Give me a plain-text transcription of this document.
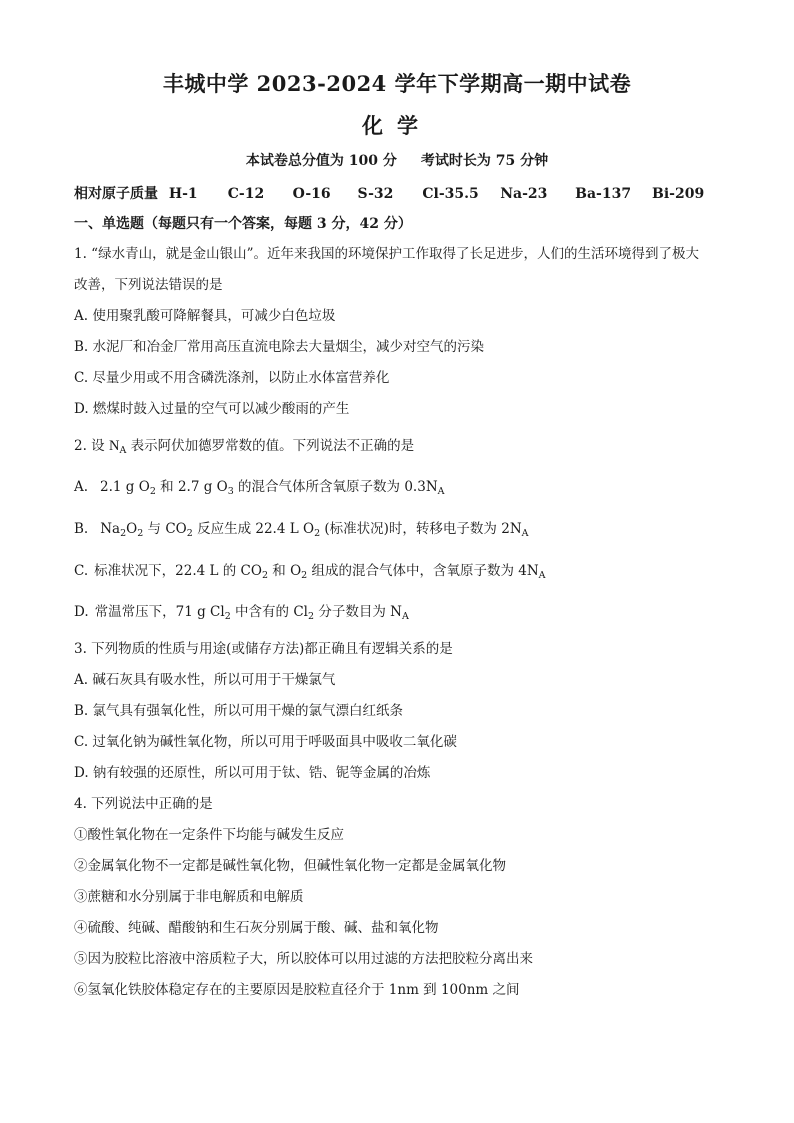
丰城中学 2023-2024 学年下学期高一期中试卷
化学
本试卷总分值为 100 分 考试时长为 75 分钟
相对原子质量 H-1 C-12 O-16 S-32 Cl-35.5 Na-23 Ba-137 Bi-209
一、单选题（每题只有一个答案，每题 3 分，42 分）
1. “绿水青山，就是金山银山”。近年来我国的环境保护工作取得了长足进步，人们的生活环境得到了极大
改善，下列说法错误的是
A. 使用聚乳酸可降解餐具，可减少白色垃圾
B. 水泥厂和冶金厂常用高压直流电除去大量烟尘，减少对空气的污染
C. 尽量少用或不用含磷洗涤剂，以防止水体富营养化
D. 燃煤时鼓入过量的空气可以减少酸雨的产生
2. 设 $N_A$ 表示阿伏加德罗常数的值。下列说法不正确的是
A. 2.1 g $O_2$ 和 2.7 g $O_3$ 的混合气体所含氧原子数为 $0.3N_A$
B. $Na_2O_2$ 与 $CO_2$ 反应生成 22.4 L $O_2$ (标准状况)时，转移电子数为 $2N_A$
C. 标准状况下，22.4 L 的 $CO_2$ 和 $O_2$ 组成的混合气体中，含氧原子数为 $4N_A$
D. 常温常压下，71 g $Cl_2$ 中含有的 $Cl_2$ 分子数目为 $N_A$
3. 下列物质的性质与用途(或储存方法)都正确且有逻辑关系的是
A. 碱石灰具有吸水性，所以可用于干燥氯气
B. 氯气具有强氧化性，所以可用干燥的氯气漂白红纸条
C. 过氧化钠为碱性氧化物，所以可用于呼吸面具中吸收二氧化碳
D. 钠有较强的还原性，所以可用于钛、锆、铌等金属的冶炼
4. 下列说法中正确的是
①酸性氧化物在一定条件下均能与碱发生反应
②金属氧化物不一定都是碱性氧化物，但碱性氧化物一定都是金属氧化物
③蔗糖和水分别属于非电解质和电解质
④硫酸、纯碱、醋酸钠和生石灰分别属于酸、碱、盐和氧化物
⑤因为胶粒比溶液中溶质粒子大，所以胶体可以用过滤的方法把胶粒分离出来
⑥氢氧化铁胶体稳定存在的主要原因是胶粒直径介于 1nm 到 100nm 之间
